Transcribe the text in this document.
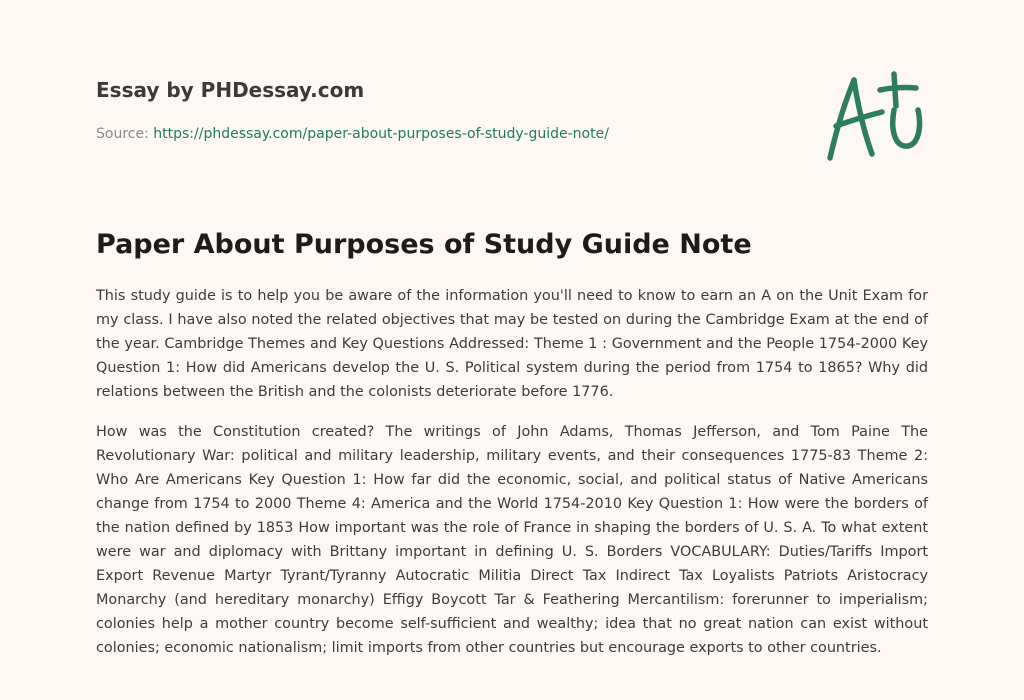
Essay by PHDessay.com
Source: https://phdessay.com/paper-about-purposes-of-study-guide-note/
Paper About Purposes of Study Guide Note

This study guide is to help you be aware of the information you'll need to know to earn an A on the Unit Exam for my class. I have also noted the related objectives that may be tested on during the Cambridge Exam at the end of the year. Cambridge Themes and Key Questions Addressed: Theme 1 : Government and the People 1754-2000 Key Question 1: How did Americans develop the U. S. Political system during the period from 1754 to 1865? Why did relations between the British and the colonists deteriorate before 1776.

How was the Constitution created? The writings of John Adams, Thomas Jefferson, and Tom Paine The Revolutionary War: political and military leadership, military events, and their consequences 1775-83 Theme 2: Who Are Americans Key Question 1: How far did the economic, social, and political status of Native Americans change from 1754 to 2000 Theme 4: America and the World 1754-2010 Key Question 1: How were the borders of the nation defined by 1853 How important was the role of France in shaping the borders of U. S. A. To what extent were war and diplomacy with Brittany important in defining U. S. Borders VOCABULARY: Duties/Tariffs Import Export Revenue Martyr Tyrant/Tyranny Autocratic Militia Direct Tax Indirect Tax Loyalists Patriots Aristocracy Monarchy (and hereditary monarchy) Effigy Boycott Tar & Feathering Mercantilism: forerunner to imperialism; colonies help a mother country become self-sufficient and wealthy; idea that no great nation can exist without colonies; economic nationalism; limit imports from other countries but encourage exports to other countries.
